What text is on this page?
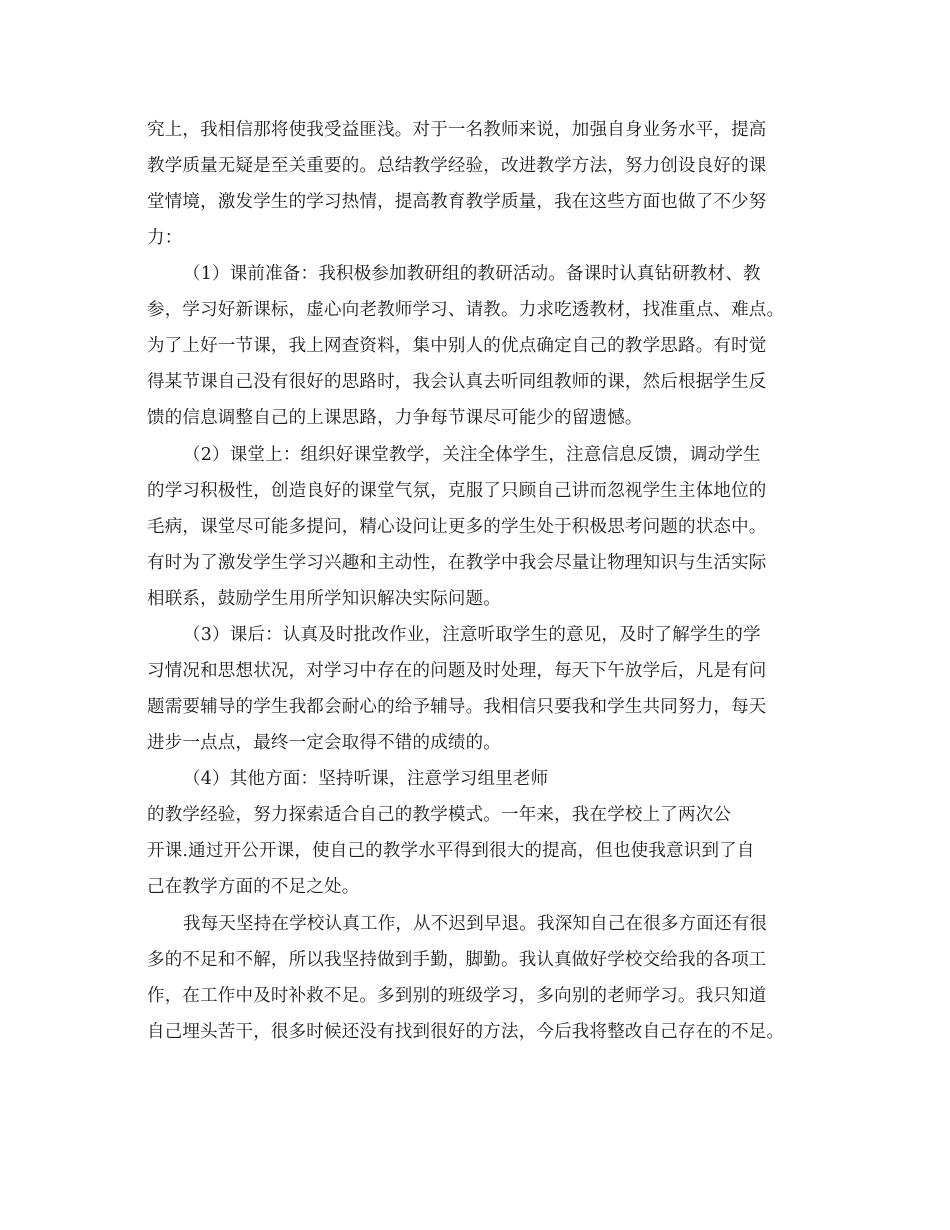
究上，我相信那将使我受益匪浅。对于一名教师来说，加强自身业务水平，提高
教学质量无疑是至关重要的。总结教学经验，改进教学方法，努力创设良好的课
堂情境，激发学生的学习热情，提高教育教学质量，我在这些方面也做了不少努
力：
（1）课前准备：我积极参加教研组的教研活动。备课时认真钻研教材、教
参，学习好新课标，虚心向老教师学习、请教。力求吃透教材，找准重点、难点。
为了上好一节课，我上网查资料，集中别人的优点确定自己的教学思路。有时觉
得某节课自己没有很好的思路时，我会认真去听同组教师的课，然后根据学生反
馈的信息调整自己的上课思路，力争每节课尽可能少的留遗憾。
（2）课堂上：组织好课堂教学，关注全体学生，注意信息反馈，调动学生
的学习积极性，创造良好的课堂气氛，克服了只顾自己讲而忽视学生主体地位的
毛病，课堂尽可能多提问，精心设问让更多的学生处于积极思考问题的状态中。
有时为了激发学生学习兴趣和主动性，在教学中我会尽量让物理知识与生活实际
相联系，鼓励学生用所学知识解决实际问题。
（3）课后：认真及时批改作业，注意听取学生的意见，及时了解学生的学
习情况和思想状况，对学习中存在的问题及时处理，每天下午放学后，凡是有问
题需要辅导的学生我都会耐心的给予辅导。我相信只要我和学生共同努力，每天
进步一点点，最终一定会取得不错的成绩的。
（4）其他方面：坚持听课，注意学习组里老师
的教学经验，努力探索适合自己的教学模式。一年来，我在学校上了两次公
开课.通过开公开课，使自己的教学水平得到很大的提高，但也使我意识到了自
己在教学方面的不足之处。
我每天坚持在学校认真工作，从不迟到早退。我深知自己在很多方面还有很
多的不足和不解，所以我坚持做到手勤，脚勤。我认真做好学校交给我的各项工
作，在工作中及时补救不足。多到别的班级学习，多向别的老师学习。我只知道
自己埋头苦干，很多时候还没有找到很好的方法，今后我将整改自己存在的不足。
